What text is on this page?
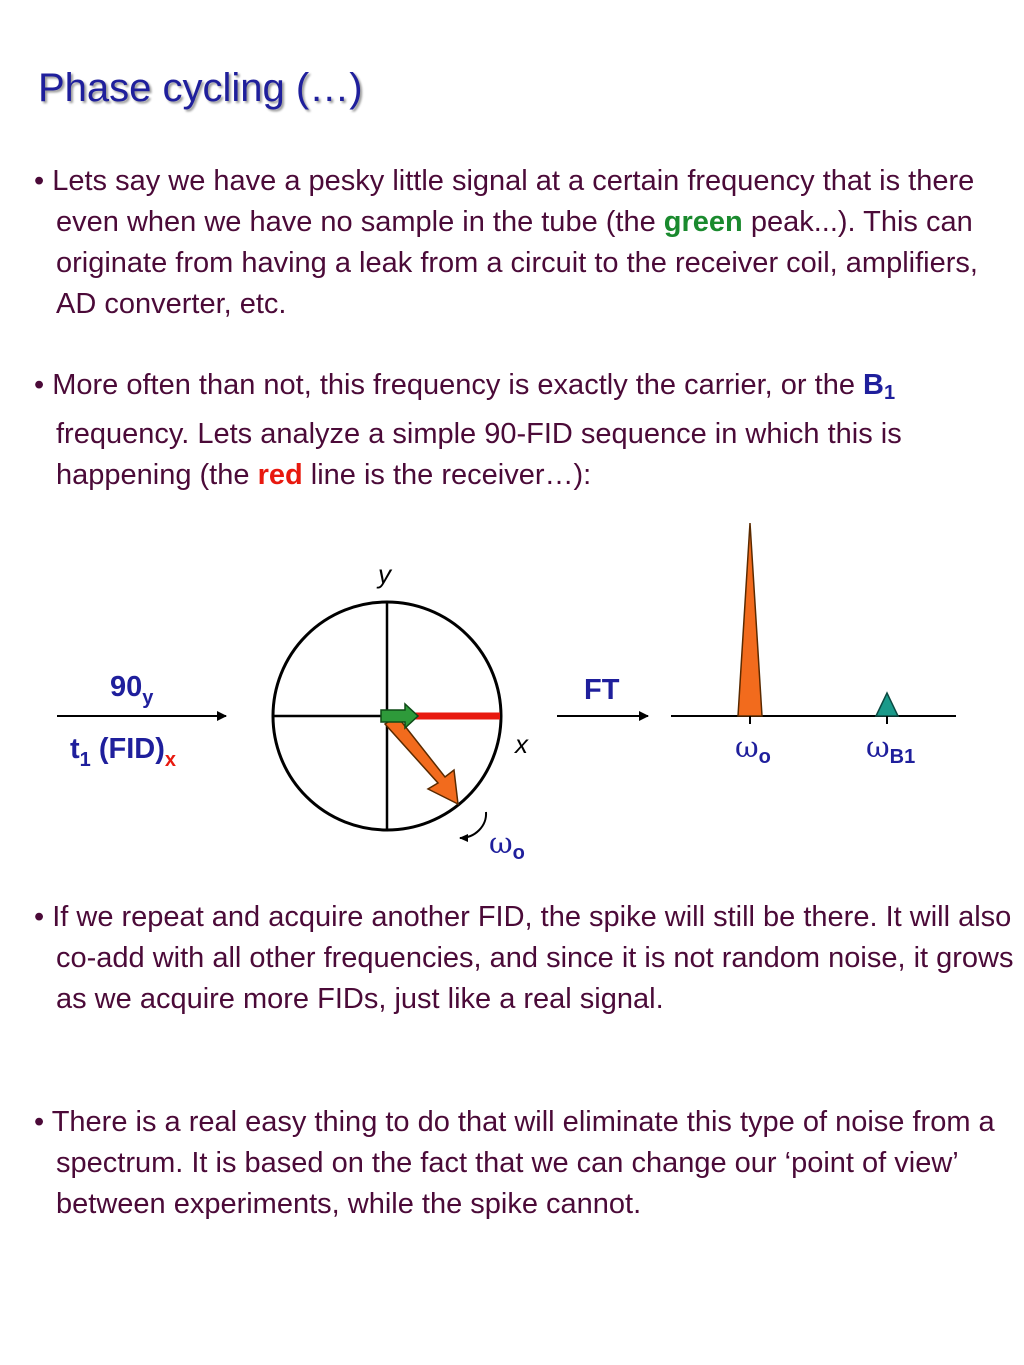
Phase cycling (…)

• Lets say we have a pesky little signal at a certain frequency that is there even when we have no sample in the tube (the green peak...). This can originate from having a leak from a circuit to the receiver coil, amplifiers, AD converter, etc.

• More often than not, this frequency is exactly the carrier, or the $B_1$ frequency. Lets analyze a simple 90-FID sequence in which this is happening (the red line is the receiver…):

$90_y$
$t_1$ $(FID)_x$
y
x
$\omega_o$
FT
$\omega_o$	$\omega_{B1}$

• If we repeat and acquire another FID, the spike will still be there. It will also co-add with all other frequencies, and since it is not random noise, it grows as we acquire more FIDs, just like a real signal.

• There is a real easy thing to do that will eliminate this type of noise from a spectrum. It is based on the fact that we can change our ‘point of view’ between experiments, while the spike cannot.
